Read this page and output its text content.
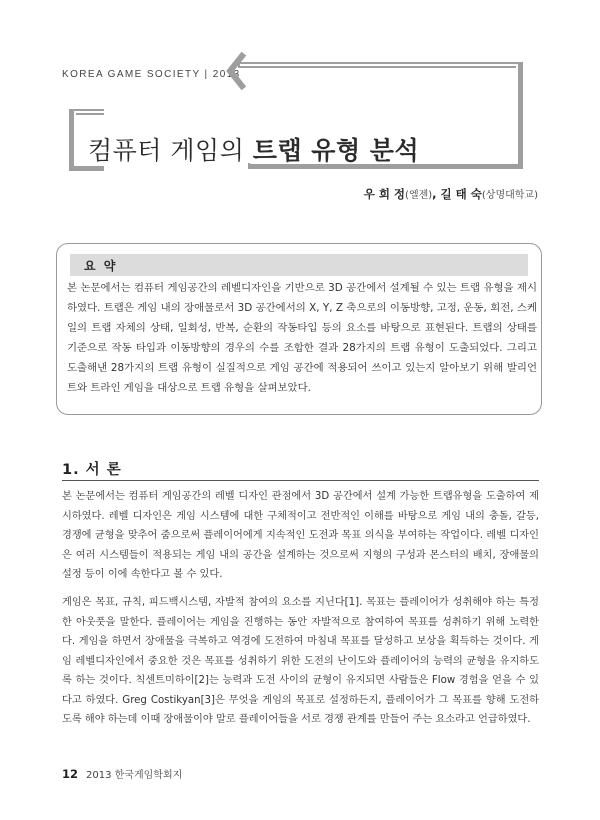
KOREA GAME SOCIETY | 2013
컴퓨터 게임의 트랩 유형 분석
우 희 정(엘젠), 길 태 숙(상명대학교)
요 약
본 논문에서는 컴퓨터 게임공간의 레벨디자인을 기반으로 3D 공간에서 설계될 수 있는 트랩 유형을 제시하였다. 트랩은 게임 내의 장애물로서 3D 공간에서의 X, Y, Z 축으로의 이동방향, 고정, 운동, 회전, 스케일의 트랩 자체의 상태, 일회성, 반복, 순환의 작동타입 등의 요소를 바탕으로 표현된다. 트랩의 상태를 기준으로 작동 타입과 이동방향의 경우의 수를 조합한 결과 28가지의 트랩 유형이 도출되었다. 그리고 도출해낸 28가지의 트랩 유형이 실질적으로 게임 공간에 적용되어 쓰이고 있는지 알아보기 위해 발리언트와 트라인 게임을 대상으로 트랩 유형을 살펴보았다.
1. 서 론
본 논문에서는 컴퓨터 게임공간의 레벨 디자인 관점에서 3D 공간에서 설계 가능한 트랩유형을 도출하여 제시하였다. 레벨 디자인은 게임 시스템에 대한 구체적이고 전반적인 이해를 바탕으로 게임 내의 충돌, 갈등, 경쟁에 균형을 맞추어 줌으로써 플레이어에게 지속적인 도전과 목표 의식을 부여하는 작업이다. 레벨 디자인은 여러 시스템들이 적용되는 게임 내의 공간을 설계하는 것으로써 지형의 구성과 몬스터의 배치, 장애물의 설정 등이 이에 속한다고 볼 수 있다.
게임은 목표, 규칙, 피드백시스템, 자발적 참여의 요소를 지닌다[1]. 목표는 플레이어가 성취해야 하는 특정한 아웃풋을 말한다. 플레이어는 게임을 진행하는 동안 자발적으로 참여하여 목표를 성취하기 위해 노력한다. 게임을 하면서 장애물을 극복하고 역경에 도전하여 마침내 목표를 달성하고 보상을 획득하는 것이다. 게임 레벨디자인에서 중요한 것은 목표를 성취하기 위한 도전의 난이도와 플레이어의 능력의 균형을 유지하도록 하는 것이다. 칙센트미하이[2]는 능력과 도전 사이의 균형이 유지되면 사람들은 Flow 경험을 얻을 수 있다고 하였다. Greg Costikyan[3]은 무엇을 게임의 목표로 설정하든지, 플레이어가 그 목표를 향해 도전하도록 해야 하는데 이때 장애물이야 말로 플레이어들을 서로 경쟁 관계를 만들어 주는 요소라고 언급하였다.
12 2013 한국게임학회지
